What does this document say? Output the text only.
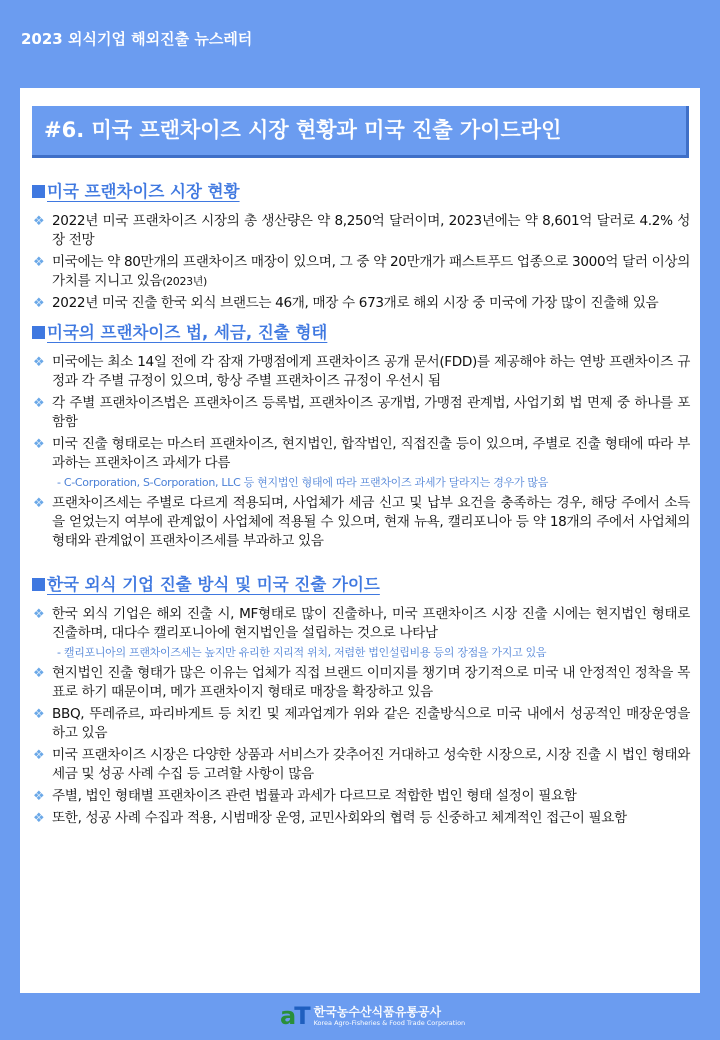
2023 외식기업 해외진출 뉴스레터
#6. 미국 프랜차이즈 시장 현황과 미국 진출 가이드라인
미국 프랜차이즈 시장 현황
❖ 2022년 미국 프랜차이즈 시장의 총 생산량은 약 8,250억 달러이며, 2023년에는 약 8,601억 달러로 4.2% 성장 전망
❖ 미국에는 약 80만개의 프랜차이즈 매장이 있으며, 그 중 약 20만개가 패스트푸드 업종으로 3000억 달러 이상의 가치를 지니고 있음(2023년)
❖ 2022년 미국 진출 한국 외식 브랜드는 46개, 매장 수 673개로 해외 시장 중 미국에 가장 많이 진출해 있음
미국의 프랜차이즈 법, 세금, 진출 형태
❖ 미국에는 최소 14일 전에 각 잠재 가맹점에게 프랜차이즈 공개 문서(FDD)를 제공해야 하는 연방 프랜차이즈 규정과 각 주별 규정이 있으며, 항상 주별 프랜차이즈 규정이 우선시 됨
❖ 각 주별 프랜차이즈법은 프랜차이즈 등록법, 프랜차이즈 공개법, 가맹점 관계법, 사업기회 법 면제 중 하나를 포함함
❖ 미국 진출 형태로는 마스터 프랜차이즈, 현지법인, 합작법인, 직접진출 등이 있으며, 주별로 진출 형태에 따라 부과하는 프랜차이즈 과세가 다름
- C-Corporation, S-Corporation, LLC 등 현지법인 형태에 따라 프랜차이즈 과세가 달라지는 경우가 많음
❖ 프랜차이즈세는 주별로 다르게 적용되며, 사업체가 세금 신고 및 납부 요건을 충족하는 경우, 해당 주에서 소득을 얻었는지 여부에 관계없이 사업체에 적용될 수 있으며, 현재 뉴욕, 캘리포니아 등 약 18개의 주에서 사업체의 형태와 관계없이 프랜차이즈세를 부과하고 있음
한국 외식 기업 진출 방식 및 미국 진출 가이드
❖ 한국 외식 기업은 해외 진출 시, MF형태로 많이 진출하나, 미국 프랜차이즈 시장 진출 시에는 현지법인 형태로 진출하며, 대다수 캘리포니아에 현지법인을 설립하는 것으로 나타남
- 캘리포니아의 프랜차이즈세는 높지만 유리한 지리적 위치, 저렴한 법인설립비용 등의 장점을 가지고 있음
❖ 현지법인 진출 형태가 많은 이유는 업체가 직접 브랜드 이미지를 챙기며 장기적으로 미국 내 안정적인 정착을 목표로 하기 때문이며, 메가 프랜차이지 형태로 매장을 확장하고 있음
❖ BBQ, 뚜레쥬르, 파리바게트 등 치킨 및 제과업계가 위와 같은 진출방식으로 미국 내에서 성공적인 매장운영을 하고 있음
❖ 미국 프랜차이즈 시장은 다양한 상품과 서비스가 갖추어진 거대하고 성숙한 시장으로, 시장 진출 시 법인 형태와 세금 및 성공 사례 수집 등 고려할 사항이 많음
❖ 주별, 법인 형태별 프랜차이즈 관련 법률과 과세가 다르므로 적합한 법인 형태 설정이 필요함
❖ 또한, 성공 사례 수집과 적용, 시범매장 운영, 교민사회와의 협력 등 신중하고 체계적인 접근이 필요함
aT 한국농수산식품유통공사
Korea Agro-Fisheries & Food Trade Corporation
